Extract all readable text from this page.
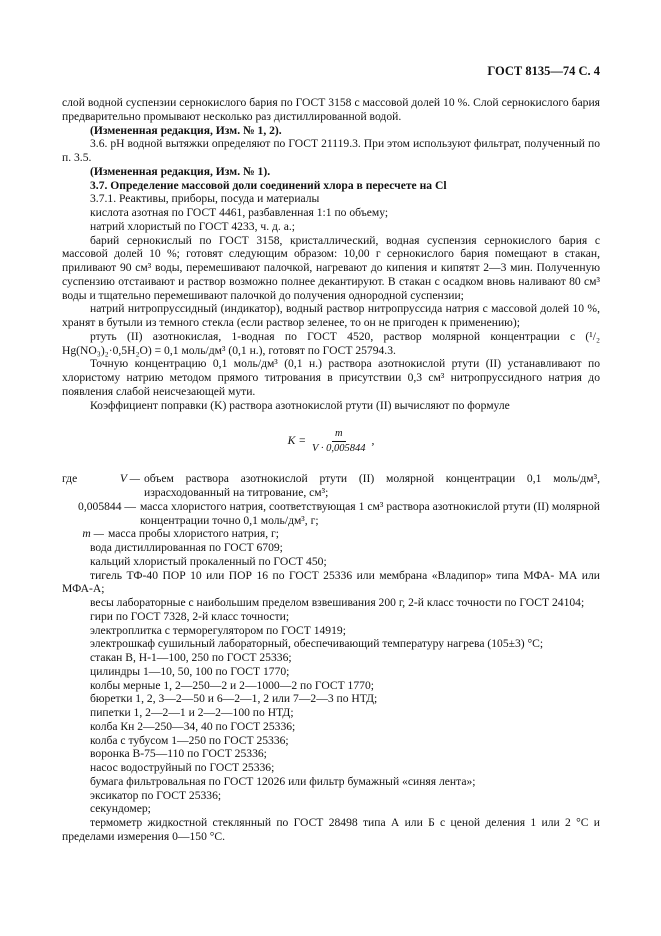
ГОСТ 8135—74 С. 4

слой водной суспензии сернокислого бария по ГОСТ 3158 с массовой долей 10 %. Слой сернокислого бария предварительно промывают несколько раз дистиллированной водой.

(Измененная редакция, Изм. № 1, 2).

3.6. pH водной вытяжки определяют по ГОСТ 21119.3. При этом используют фильтрат, полученный по п. 3.5.

(Измененная редакция, Изм. № 1).

3.7. Определение массовой доли соединений хлора в пересчете на Cl

3.7.1. Реактивы, приборы, посуда и материалы

кислота азотная по ГОСТ 4461, разбавленная 1:1 по объему;

натрий хлористый по ГОСТ 4233, ч. д. а.;

барий сернокислый по ГОСТ 3158, кристаллический, водная суспензия сернокислого бария с массовой долей 10 %; готовят следующим образом: 10,00 г сернокислого бария помещают в стакан, приливают 90 см³ воды, перемешивают палочкой, нагревают до кипения и кипятят 2—3 мин. Полученную суспензию отстаивают и раствор возможно полнее декантируют. В стакан с осадком вновь наливают 80 см³ воды и тщательно перемешивают палочкой до получения однородной суспензии;

натрий нитропруссидный (индикатор), водный раствор нитропруссида натрия с массовой долей 10 %, хранят в бутыли из темного стекла (если раствор зеленее, то он не пригоден к применению);

ртуть (II) азотнокислая, 1-водная по ГОСТ 4520, раствор молярной концентрации c (¹/₂ Hg(NO₃)₂·0,5H₂O) = 0,1 моль/дм³ (0,1 н.), готовят по ГОСТ 25794.3.

Точную концентрацию 0,1 моль/дм³ (0,1 н.) раствора азотнокислой ртути (II) устанавливают по хлористому натрию методом прямого титрования в присутствии 0,3 см³ нитропруссидного натрия до появления слабой неисчезающей мути.

Коэффициент поправки (K) раствора азотнокислой ртути (II) вычисляют по формуле

$K = \frac{m}{V \cdot 0,005844}$ ,
где	V — объем раствора азотнокислой ртути (II) молярной концентрации 0,1 моль/дм³, израсходованный на титрование, см³;
0,005844 — масса хлористого натрия, соответствующая 1 см³ раствора азотнокислой ртути (II) молярной концентрации точно 0,1 моль/дм³, г;
m — масса пробы хлористого натрия, г;

вода дистиллированная по ГОСТ 6709;

кальций хлористый прокаленный по ГОСТ 450;

тигель ТФ-40 ПОР 10 или ПОР 16 по ГОСТ 25336 или мембрана «Владипор» типа МФА- МА или МФА-А;

весы лабораторные с наибольшим пределом взвешивания 200 г, 2-й класс точности по ГОСТ 24104;

гири по ГОСТ 7328, 2-й класс точности;

электроплитка с терморегулятором по ГОСТ 14919;

электрошкаф сушильный лабораторный, обеспечивающий температуру нагрева (105±3) °С;

стакан В, Н-1—100, 250 по ГОСТ 25336;

цилиндры 1—10, 50, 100 по ГОСТ 1770;

колбы мерные 1, 2—250—2 и 2—1000—2 по ГОСТ 1770;

бюретки 1, 2, 3—2—50 и 6—2—1, 2 или 7—2—3 по НТД;

пипетки 1, 2—2—1 и 2—2—100 по НТД;

колба Кн 2—250—34, 40 по ГОСТ 25336;

колба с тубусом 1—250 по ГОСТ 25336;

воронка В-75—110 по ГОСТ 25336;

насос водоструйный по ГОСТ 25336;

бумага фильтровальная по ГОСТ 12026 или фильтр бумажный «синяя лента»;

эксикатор по ГОСТ 25336;

секундомер;

термометр жидкостной стеклянный по ГОСТ 28498 типа А или Б с ценой деления 1 или 2 °С и пределами измерения 0—150 °С.
